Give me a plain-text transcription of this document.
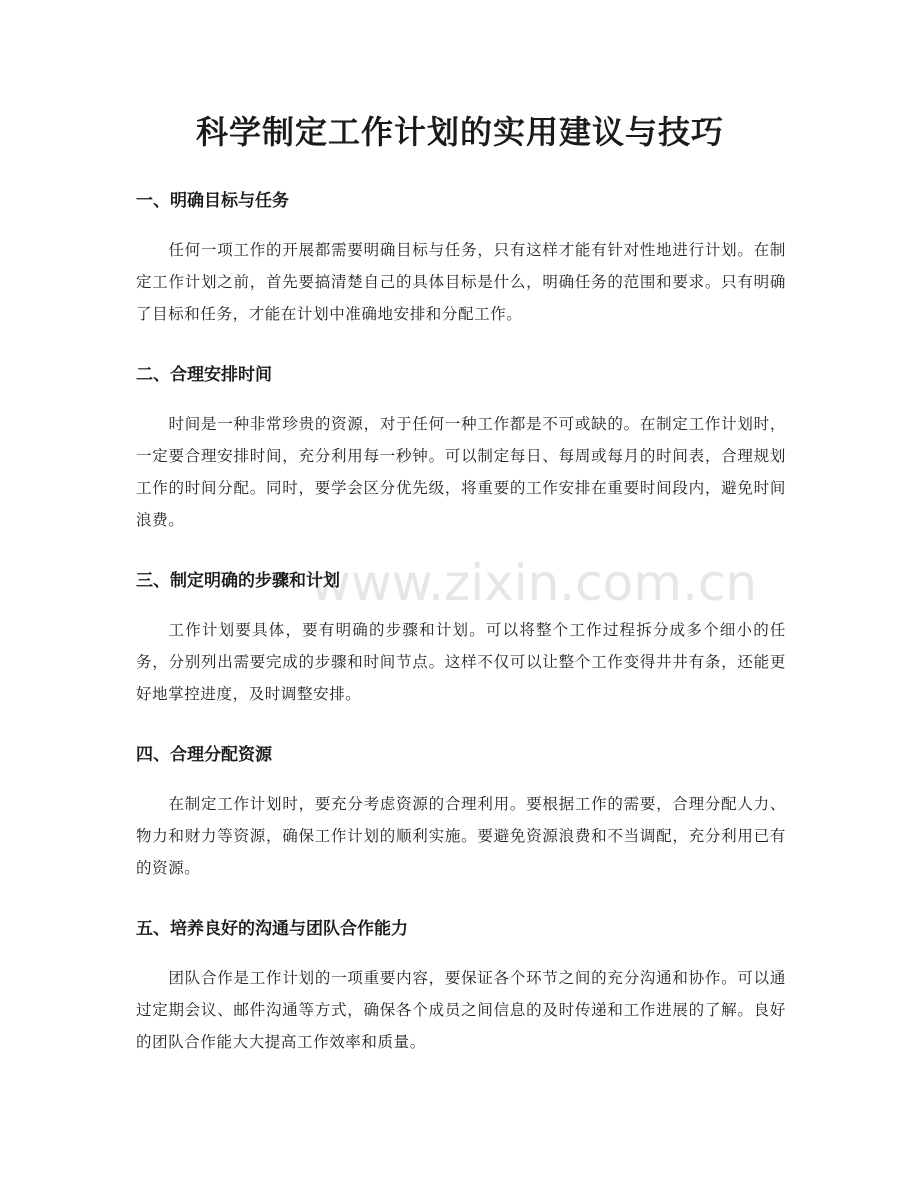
www.zixin.com.cn
科学制定工作计划的实用建议与技巧
一、明确目标与任务

任何一项工作的开展都需要明确目标与任务，只有这样才能有针对性地进行计划。在制定工作计划之前，首先要搞清楚自己的具体目标是什么，明确任务的范围和要求。只有明确了目标和任务，才能在计划中准确地安排和分配工作。

二、合理安排时间

时间是一种非常珍贵的资源，对于任何一种工作都是不可或缺的。在制定工作计划时，一定要合理安排时间，充分利用每一秒钟。可以制定每日、每周或每月的时间表，合理规划工作的时间分配。同时，要学会区分优先级，将重要的工作安排在重要时间段内，避免时间浪费。

三、制定明确的步骤和计划

工作计划要具体，要有明确的步骤和计划。可以将整个工作过程拆分成多个细小的任务，分别列出需要完成的步骤和时间节点。这样不仅可以让整个工作变得井井有条，还能更好地掌控进度，及时调整安排。

四、合理分配资源

在制定工作计划时，要充分考虑资源的合理利用。要根据工作的需要，合理分配人力、物力和财力等资源，确保工作计划的顺利实施。要避免资源浪费和不当调配，充分利用已有的资源。

五、培养良好的沟通与团队合作能力

团队合作是工作计划的一项重要内容，要保证各个环节之间的充分沟通和协作。可以通过定期会议、邮件沟通等方式，确保各个成员之间信息的及时传递和工作进展的了解。良好的团队合作能大大提高工作效率和质量。
